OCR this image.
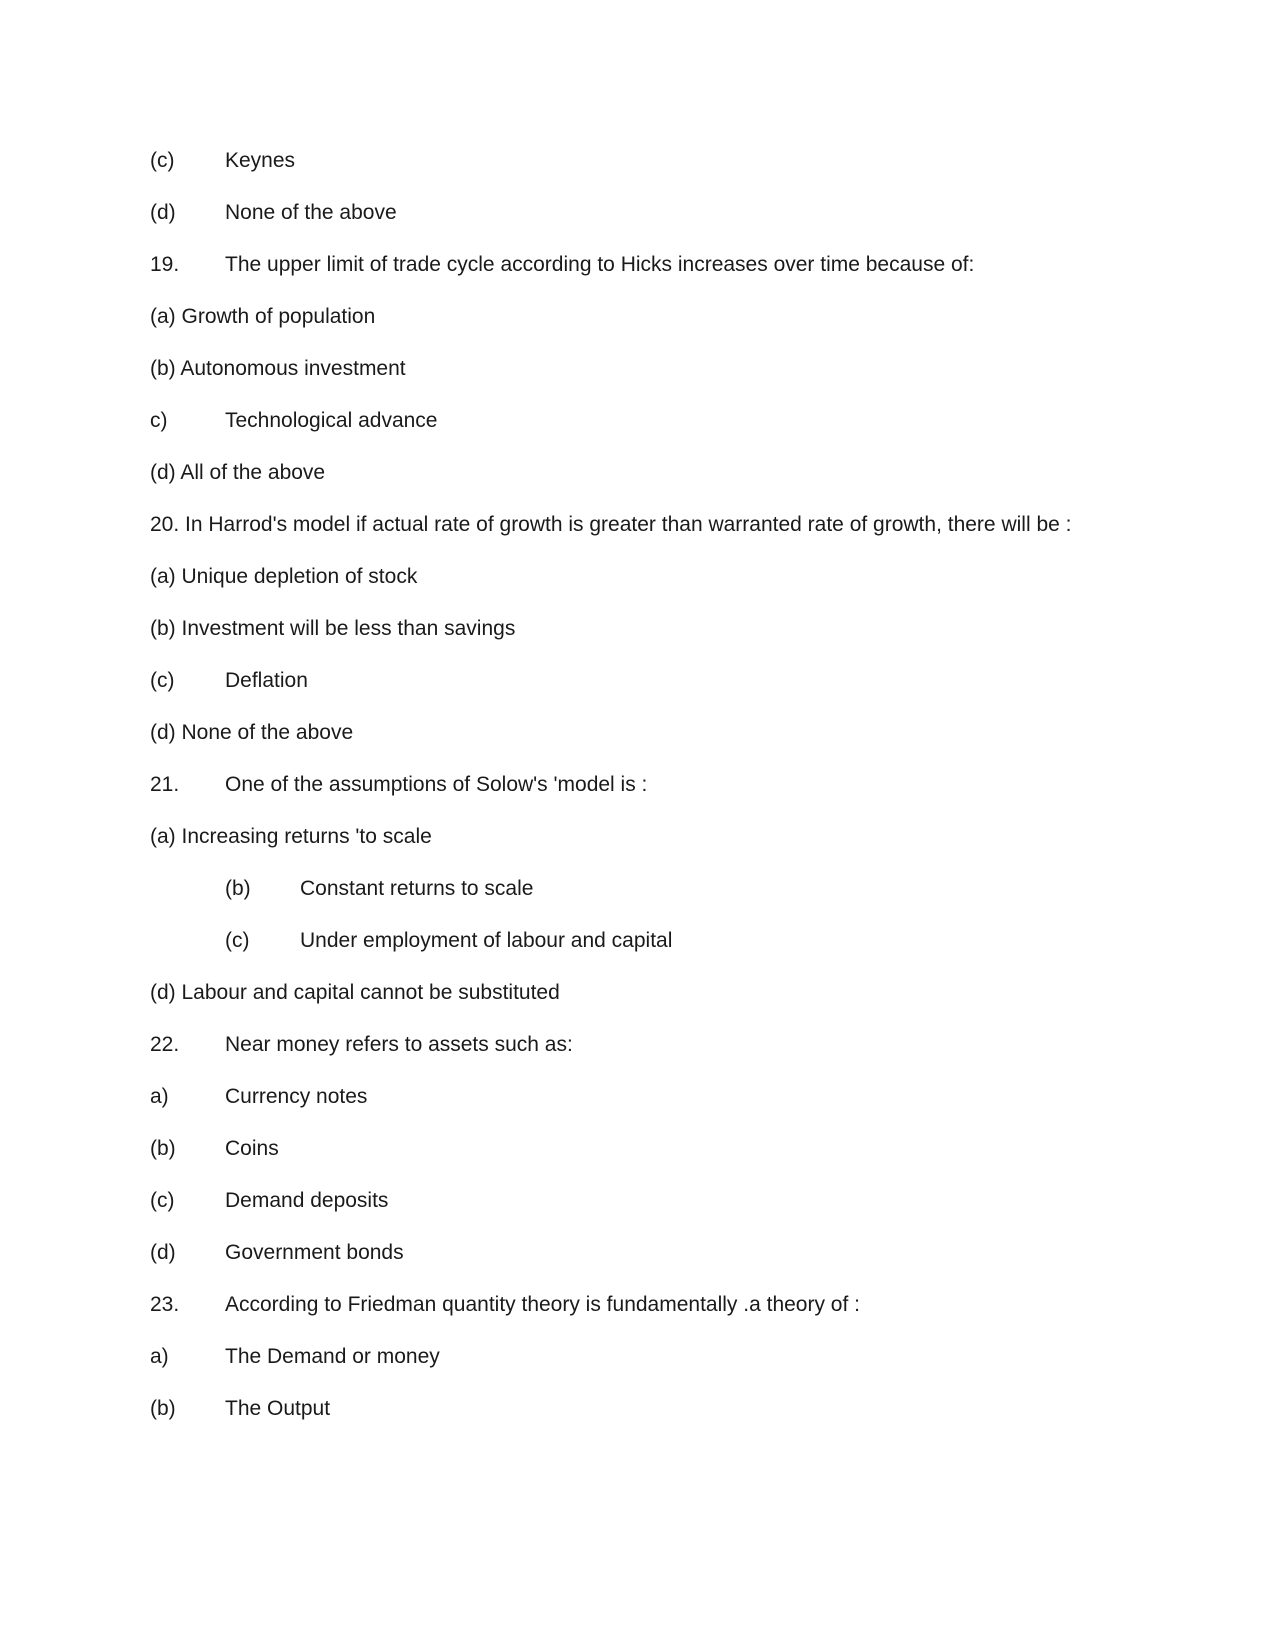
(c) Keynes
(d) None of the above
19. The upper limit of trade cycle according to Hicks increases over time because of:
(a) Growth of population
(b) Autonomous investment
c)	Technological advance
(d) All of the above
20. In Harrod's model if actual rate of growth is greater than warranted rate of growth, there will be :
(a) Unique depletion of stock
(b) Investment will be less than savings
(c) Deflation
(d) None of the above
21. One of the assumptions of Solow's 'model is :
(a) Increasing returns 'to scale
(b) Constant returns to scale
(c) Under employment of labour and capital
(d) Labour and capital cannot be substituted
22. Near money refers to assets such as:
a)	Currency notes
(b) Coins
(c) Demand deposits
(d) Government bonds
23. According to Friedman quantity theory is fundamentally .a theory of :
a)	The Demand or money
(b) The Output
